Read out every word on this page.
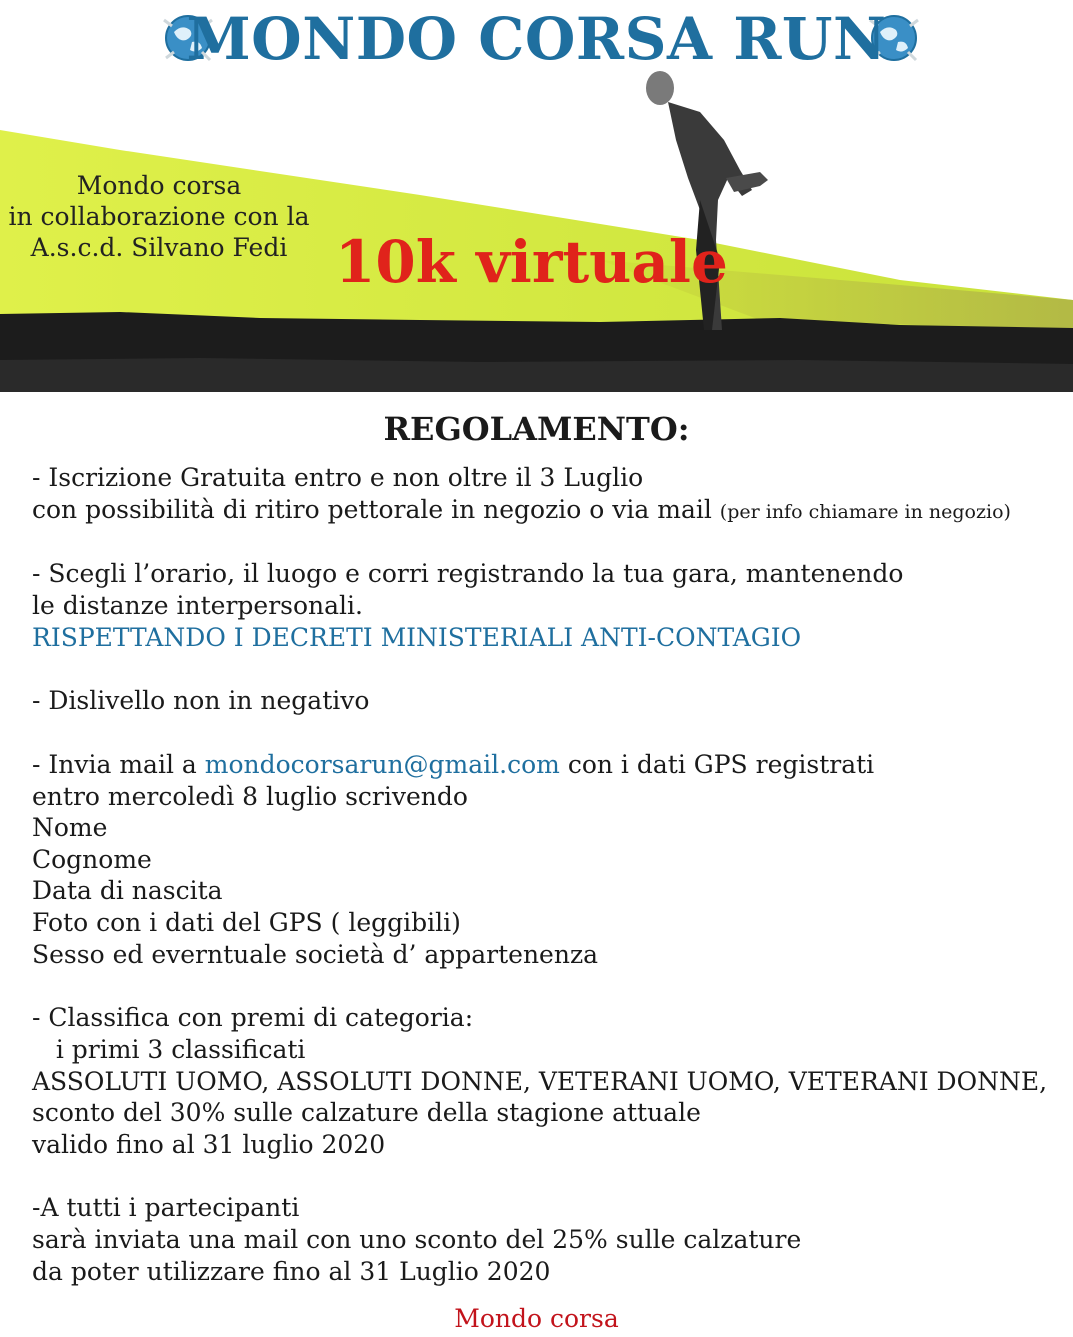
MONDO CORSA RUN
Mondo corsa
in collaborazione con la
A.s.c.d. Silvano Fedi 10k virtuale
REGOLAMENTO:
- Iscrizione Gratuita entro e non oltre il 3 Luglio
con possibilità di ritiro pettorale in negozio o via mail (per info chiamare in negozio)
- Scegli l’orario, il luogo e corri registrando la tua gara, mantenendo
le distanze interpersonali.
RISPETTANDO I DECRETI MINISTERIALI ANTI-CONTAGIO
- Dislivello non in negativo
- Invia mail a mondocorsarun@gmail.com con i dati GPS registrati
entro mercoledì 8 luglio scrivendo
Nome
Cognome
Data di nascita
Foto con i dati del GPS ( leggibili)
Sesso ed everntuale società d’ appartenenza
- Classifica con premi di categoria:
i primi 3 classificati
ASSOLUTI UOMO, ASSOLUTI DONNE, VETERANI UOMO, VETERANI DONNE,
sconto del 30% sulle calzature della stagione attuale
valido fino al 31 luglio 2020
-A tutti i partecipanti
sarà inviata una mail con uno sconto del 25% sulle calzature
da poter utilizzare fino al 31 Luglio 2020
Mondo corsa
